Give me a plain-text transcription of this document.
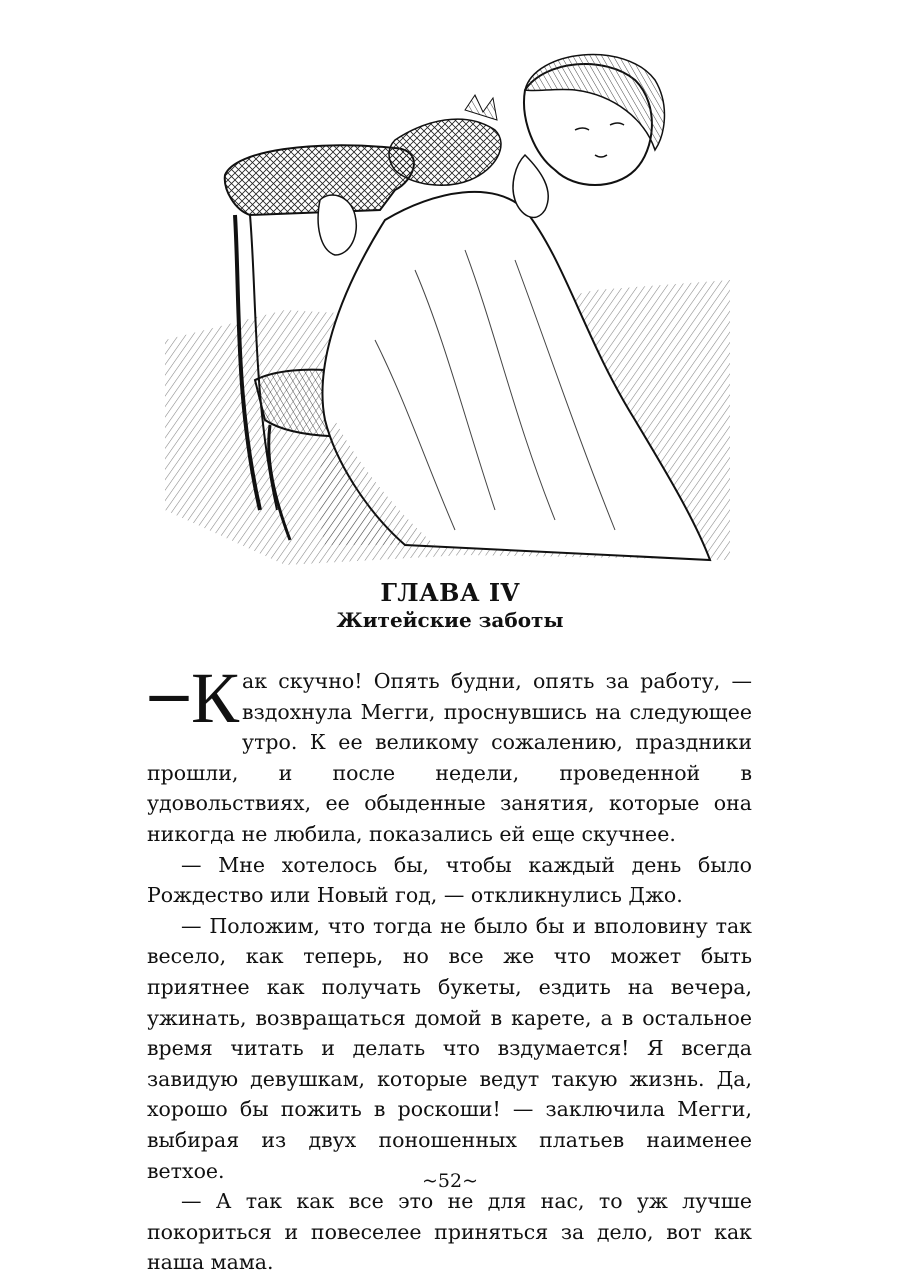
ГЛАВА IV
Житейские заботы

— К ак скучно! Опять будни, опять за работу, — вздохнула Мегги, проснувшись на следующее утро. К ее великому сожалению, праздники прошли, и после недели, проведенной в удовольствиях, ее обыденные занятия, которые она никогда не любила, показались ей еще скучнее.

— Мне хотелось бы, чтобы каждый день было Рождество или Новый год, — откликнулись Джо.

— Положим, что тогда не было бы и вполовину так весело, как теперь, но все же что может быть приятнее как получать букеты, ездить на вечера, ужинать, возвращаться домой в карете, а в остальное время читать и делать что вздумается! Я всегда завидую девушкам, которые ведут такую жизнь. Да, хорошо бы пожить в роскоши! — заключила Мегги, выбирая из двух поношенных платьев наименее ветхое.

— А так как все это не для нас, то уж лучше покориться и повеселее приняться за дело, вот как наша мама.

~52~
